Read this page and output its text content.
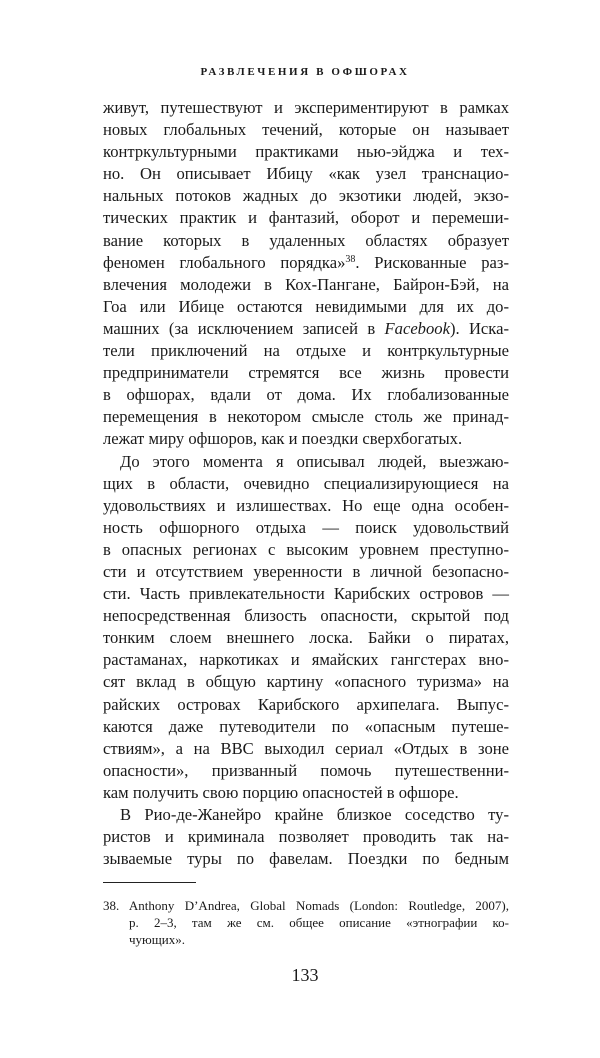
РАЗВЛЕЧЕНИЯ В ОФШОРАХ
живут, путешествуют и экспериментируют в рамках
новых глобальных течений, которые он называет
контркультурными практиками нью-эйджа и тех-
но. Он описывает Ибицу «как узел транснацио-
нальных потоков жадных до экзотики людей, экзо-
тических практик и фантазий, оборот и перемеши-
вание которых в удаленных областях образует
феномен глобального порядка»$^{38}$. Рискованные раз-
влечения молодежи в Кох-Пангане, Байрон-Бэй, на
Гоа или Ибице остаются невидимыми для их до-
машних (за исключением записей в Facebook). Иска-
тели приключений на отдыхе и контркультурные
предприниматели стремятся все жизнь провести
в офшорах, вдали от дома. Их глобализованные
перемещения в некотором смысле столь же принад-
лежат миру офшоров, как и поездки сверхбогатых.
До этого момента я описывал людей, выезжаю-
щих в области, очевидно специализирующиеся на
удовольствиях и излишествах. Но еще одна особен-
ность офшорного отдыха — поиск удовольствий
в опасных регионах с высоким уровнем преступно-
сти и отсутствием уверенности в личной безопасно-
сти. Часть привлекательности Карибских островов —
непосредственная близость опасности, скрытой под
тонким слоем внешнего лоска. Байки о пиратах,
растаманах, наркотиках и ямайских гангстерах вно-
сят вклад в общую картину «опасного туризма» на
райских островах Карибского архипелага. Выпус-
каются даже путеводители по «опасным путеше-
ствиям», а на BBC выходил сериал «Отдых в зоне
опасности», призванный помочь путешественни-
кам получить свою порцию опасностей в офшоре.
В Рио-де-Жанейро крайне близкое соседство ту-
ристов и криминала позволяет проводить так на-
зываемые туры по фавелам. Поездки по бедным
38. Anthony D’Andrea, Global Nomads (London: Routledge, 2007),
p. 2–3, там же см. общее описание «этнографии ко-
чующих».
133
